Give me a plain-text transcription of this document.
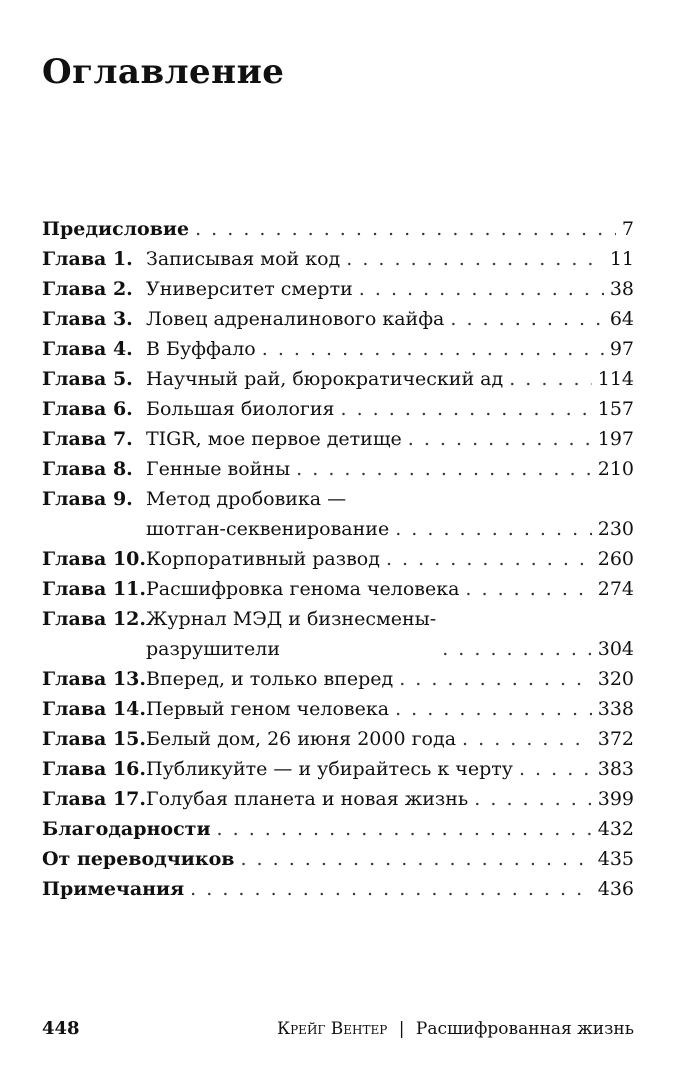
Оглавление
Предисловие . . .	7
Глава 1. Записывая мой код . . .	11
Глава 2. Университет смерти . . .	38
Глава 3. Ловец адреналинового кайфа . . .	64
Глава 4. В Буффало . . .	97
Глава 5. Научный рай, бюрократический ад . . .	114
Глава 6. Большая биология . . .	157
Глава 7. TIGR, мое первое детище . . .	197
Глава 8. Генные войны . . .	210
Глава 9. Метод дробовика —
шотган-секвенирование . . .	230
Глава 10. Корпоративный развод . . .	260
Глава 11. Расшифровка генома человека . . .	274
Глава 12. Журнал МЭД и бизнесмены-
разрушители . . .	304
Глава 13. Вперед, и только вперед . . .	320
Глава 14. Первый геном человека . . .	338
Глава 15. Белый дом, 26 июня 2000 года . . .	372
Глава 16. Публикуйте — и убирайтесь к черту . . .	383
Глава 17. Голубая планета и новая жизнь . . .	399
Благодарности . . .	432
От переводчиков . . .	435
Примечания . . .	436
448	Крейг Вентер | Расшифрованная жизнь
